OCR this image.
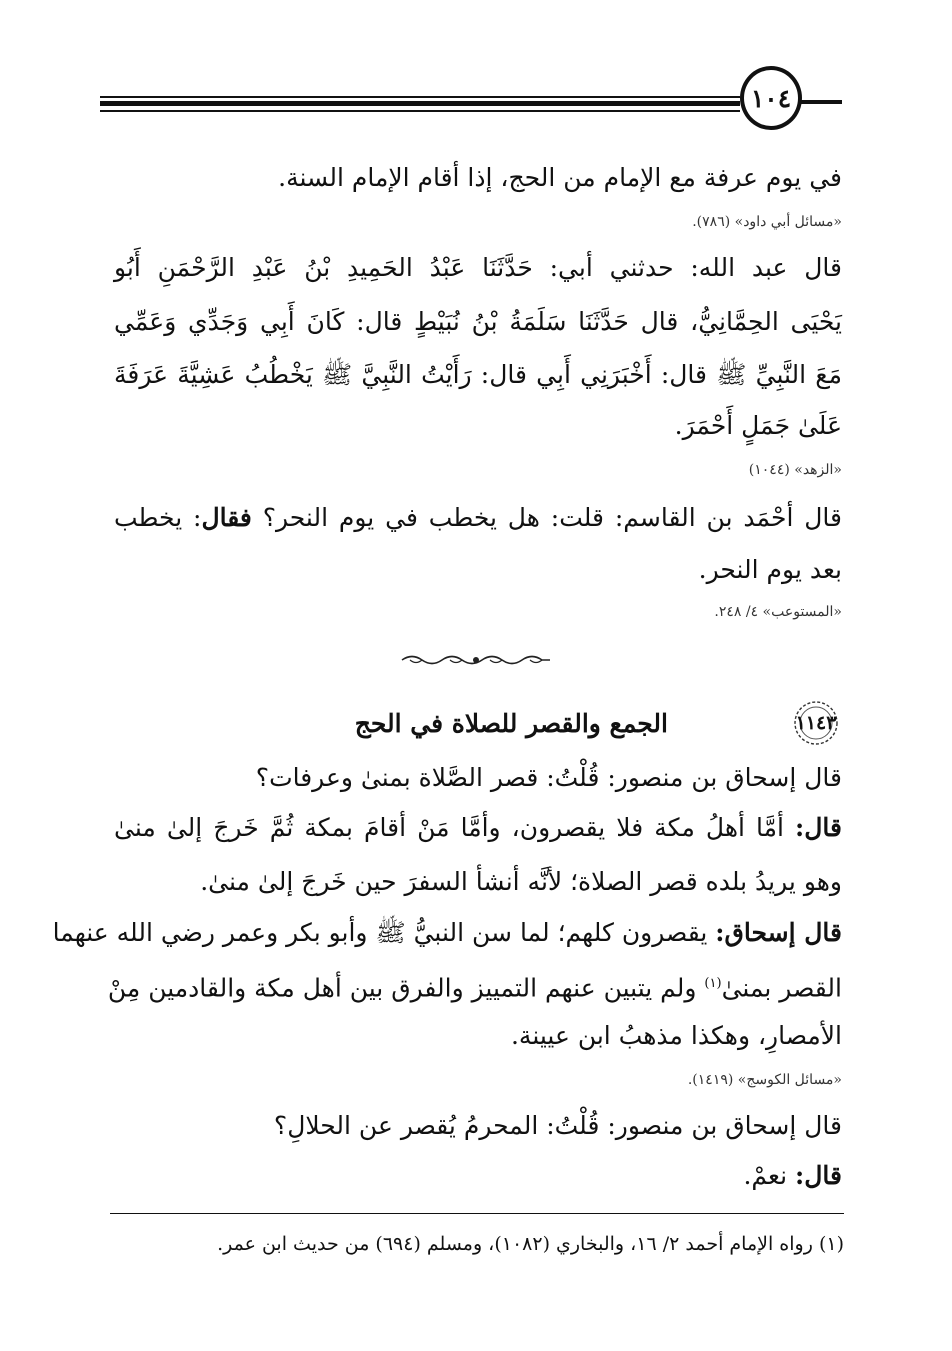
١٠٤
في يوم عرفة مع الإمام من الحج، إذا أقام الإمام السنة.
«مسائل أبي داود» (٧٨٦).
قال عبد الله: حدثني أبي: حَدَّثَنَا عَبْدُ الحَمِيدِ بْنُ عَبْدِ الرَّحْمَنِ أَبُو
يَحْيَى الحِمَّانِيُّ، قال حَدَّثَنَا سَلَمَةُ بْنُ نُبَيْطٍ قال: كَانَ أَبِي وَجَدِّي وَعَمِّي
مَعَ النَّبِيِّ ﷺ قال: أَخْبَرَنِي أَبِي قال: رَأَيْتُ النَّبِيَّ ﷺ يَخْطُبُ عَشِيَّةَ عَرَفَةَ
عَلَىٰ جَمَلٍ أَحْمَرَ.
«الزهد» (١٠٤٤)
قال أحْمَد بن القاسم: قلت: هل يخطب في يوم النحر؟ فقال: يخطب
بعد يوم النحر.
«المستوعب» ٤/ ٢٤٨.
١١٤٣
الجمع والقصر للصلاة في الحج
قال إسحاق بن منصور: قُلْتُ: قصر الصَّلاة بمنىٰ وعرفات؟
قال: أمَّا أهلُ مكة فلا يقصرون، وأمَّا مَنْ أقامَ بمكة ثُمَّ خَرجَ إلىٰ منىٰ
وهو يريدُ بلده قصر الصلاة؛ لأنَّه أنشأ السفرَ حين خَرجَ إلىٰ منىٰ.
قال إسحاق: يقصرون كلهم؛ لما سن النبيُّ ﷺ وأبو بكر وعمر رضي الله عنهما
القصر بمنىٰ$^{(١)}$ ولم يتبين عنهم التمييز والفرق بين أهل مكة والقادمين مِنْ
الأمصارِ، وهكذا مذهبُ ابن عيينة.
«مسائل الكوسج» (١٤١٩).
قال إسحاق بن منصور: قُلْتُ: المحرمُ يُقصر عن الحلالِ؟
قال: نعمْ.
(١) رواه الإمام أحمد ٢/ ١٦، والبخاري (١٠٨٢)، ومسلم (٦٩٤) من حديث ابن عمر.
